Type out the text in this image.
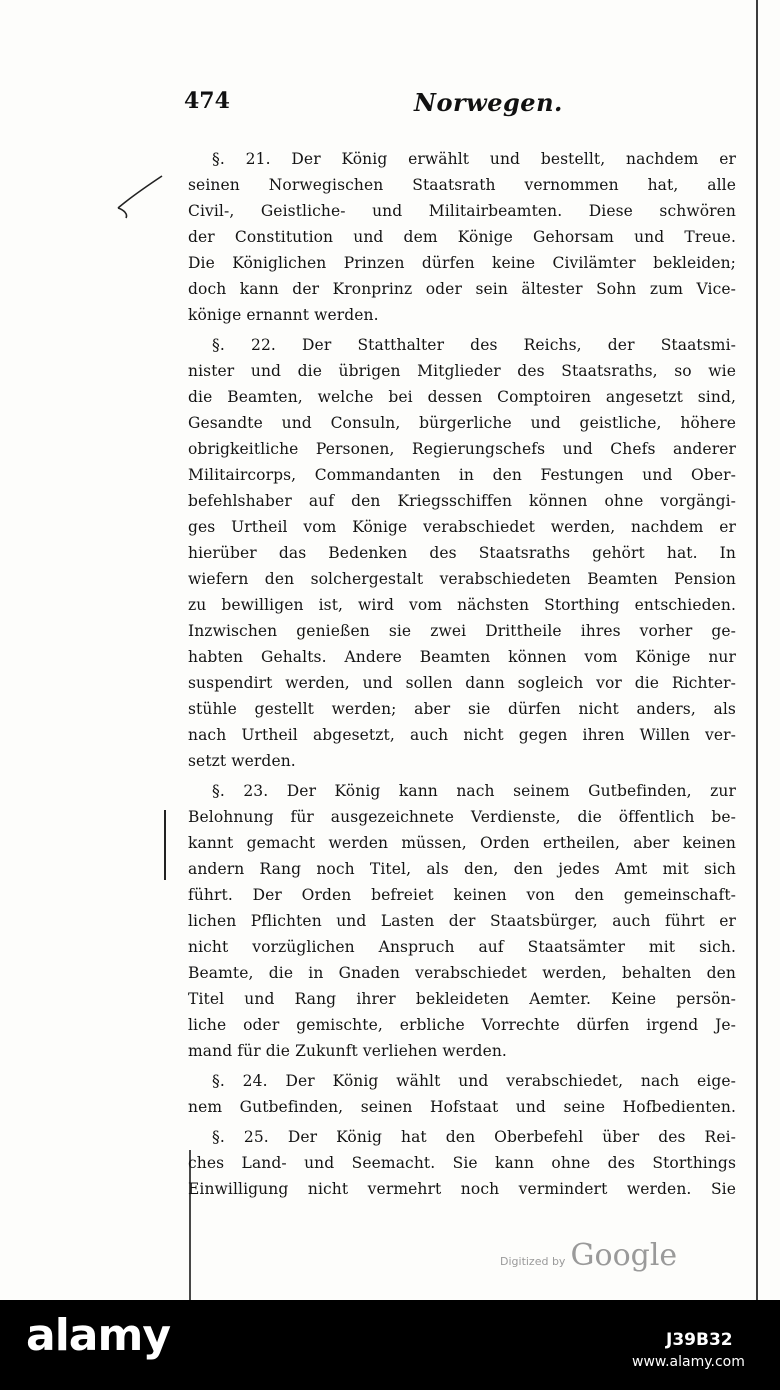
474	Norwegen.
§. 21. Der König erwählt und bestellt, nachdem er
seinen Norwegischen Staatsrath vernommen hat, alle
Civil-, Geistliche- und Militairbeamten. Diese schwören
der Constitution und dem Könige Gehorsam und Treue.
Die Königlichen Prinzen dürfen keine Civilämter bekleiden;
doch kann der Kronprinz oder sein ältester Sohn zum Vice-
könige ernannt werden.
§. 22. Der Statthalter des Reichs, der Staatsmi-
nister und die übrigen Mitglieder des Staatsraths, so wie
die Beamten, welche bei dessen Comptoiren angesetzt sind,
Gesandte und Consuln, bürgerliche und geistliche, höhere
obrigkeitliche Personen, Regierungschefs und Chefs anderer
Militaircorps, Commandanten in den Festungen und Ober-
befehlshaber auf den Kriegsschiffen können ohne vorgängi-
ges Urtheil vom Könige verabschiedet werden, nachdem er
hierüber das Bedenken des Staatsraths gehört hat. In
wiefern den solchergestalt verabschiedeten Beamten Pension
zu bewilligen ist, wird vom nächsten Storthing entschieden.
Inzwischen genießen sie zwei Drittheile ihres vorher ge-
habten Gehalts. Andere Beamten können vom Könige nur
suspendirt werden, und sollen dann sogleich vor die Richter-
stühle gestellt werden; aber sie dürfen nicht anders, als
nach Urtheil abgesetzt, auch nicht gegen ihren Willen ver-
setzt werden.
§. 23. Der König kann nach seinem Gutbefinden, zur
Belohnung für ausgezeichnete Verdienste, die öffentlich be-
kannt gemacht werden müssen, Orden ertheilen, aber keinen
andern Rang noch Titel, als den, den jedes Amt mit sich
führt. Der Orden befreiet keinen von den gemeinschaft-
lichen Pflichten und Lasten der Staatsbürger, auch führt er
nicht vorzüglichen Anspruch auf Staatsämter mit sich.
Beamte, die in Gnaden verabschiedet werden, behalten den
Titel und Rang ihrer bekleideten Aemter. Keine persön-
liche oder gemischte, erbliche Vorrechte dürfen irgend Je-
mand für die Zukunft verliehen werden.
§. 24. Der König wählt und verabschiedet, nach eige-
nem Gutbefinden, seinen Hofstaat und seine Hofbedienten.
§. 25. Der König hat den Oberbefehl über des Rei-
ches Land- und Seemacht. Sie kann ohne des Storthings
Einwilligung nicht vermehrt noch vermindert werden. Sie
Digitized by Google
alamy	J39B32
www.alamy.com
